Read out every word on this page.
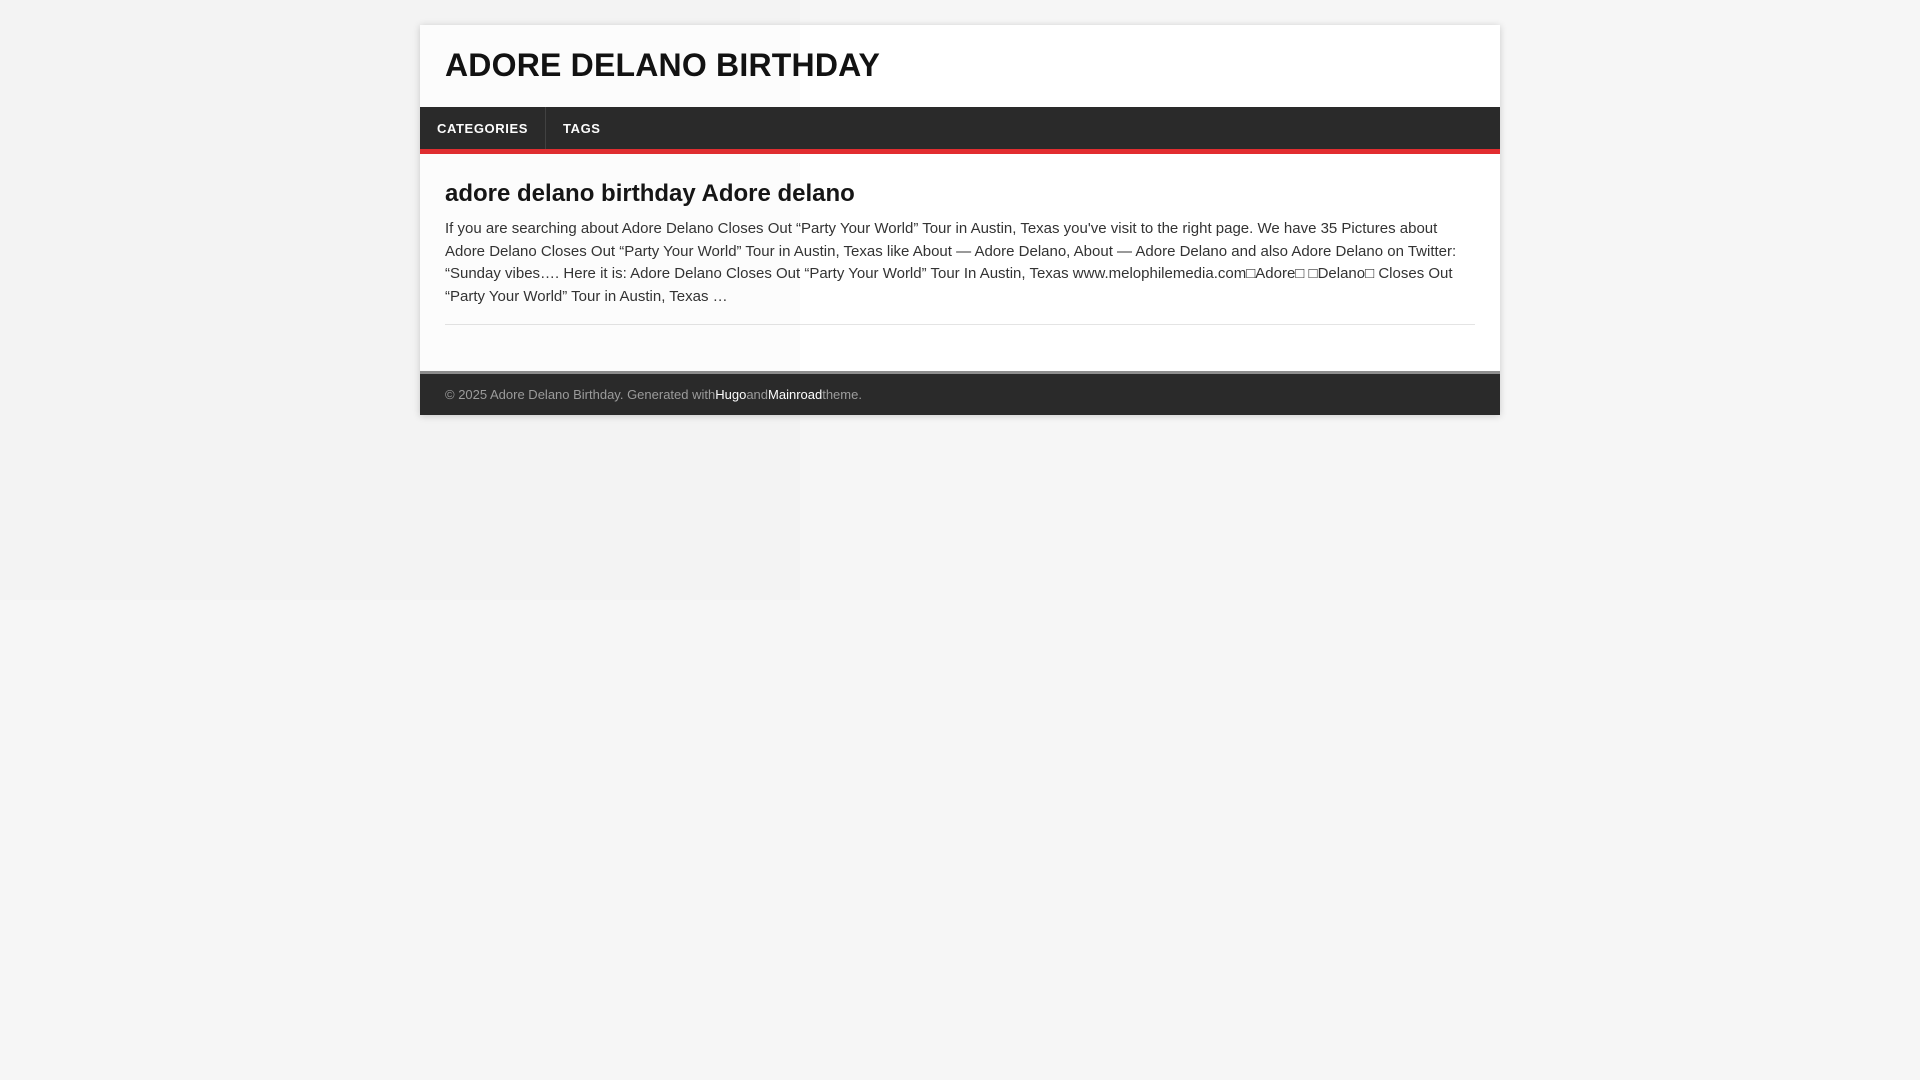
ADORE DELANO BIRTHDAY
CATEGORIES	TAGS
adore delano birthday Adore delano

If you are searching about Adore Delano Closes Out “Party Your World” Tour in Austin, Texas you've visit to the right page. We have 35 Pictures about Adore Delano Closes Out “Party Your World” Tour in Austin, Texas like About — Adore Delano, About — Adore Delano and also Adore Delano on Twitter: “Sunday vibes…. Here it is: Adore Delano Closes Out “Party Your World” Tour In Austin, Texas www.melophilemedia.com□Adore□ □Delano□ Closes Out “Party Your World” Tour in Austin, Texas …

© 2025 Adore Delano Birthday. Generated with Hugo and Mainroad theme.
